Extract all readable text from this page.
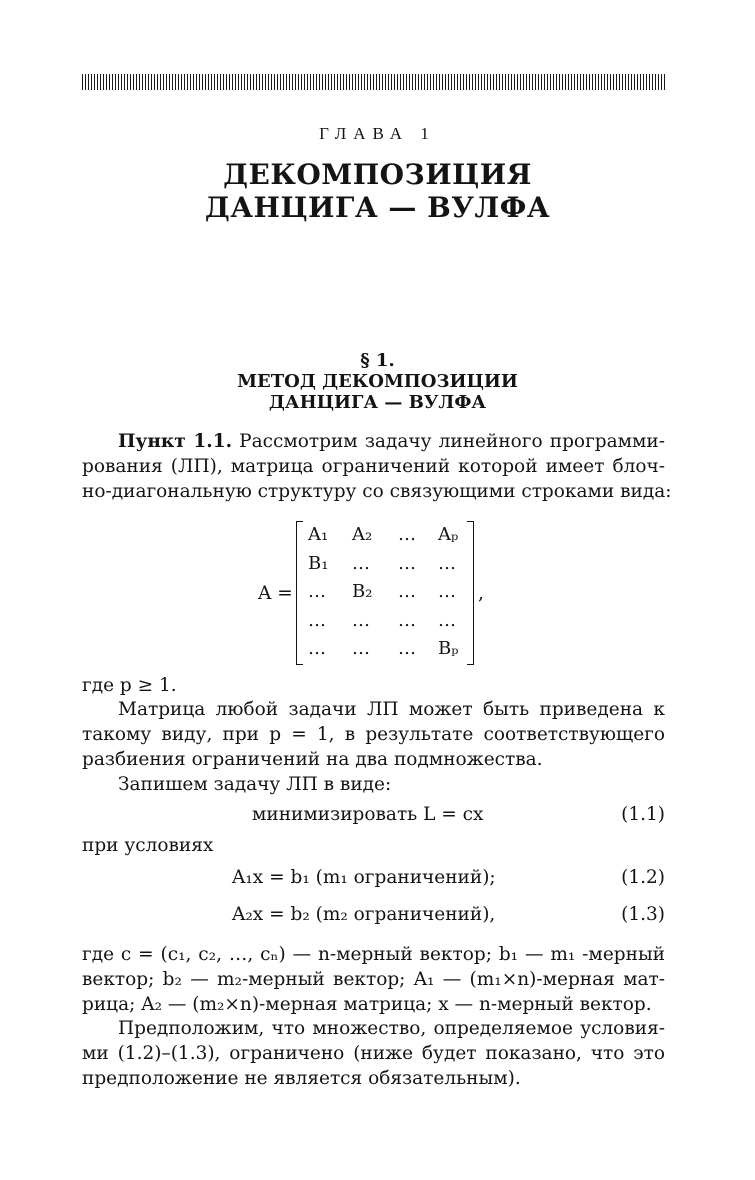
ГЛАВА 1
ДЕКОМПОЗИЦИЯ
ДАНЦИГА — ВУЛФА
§ 1.
МЕТОД ДЕКОМПОЗИЦИИ
ДАНЦИГА — ВУЛФА
Пункт 1.1. Рассмотрим задачу линейного программи-
рования (ЛП), матрица ограничений которой имеет блоч-
но-диагональную структуру со связующими строками вида:
A =
A₁	A₂	…	Aₚ
B₁	…	…	…
…	B₂	…	…
…	…	…	…
…	…	…	Bₚ
,
где p ≥ 1.
Матрица любой задачи ЛП может быть приведена к
такому виду, при p = 1, в результате соответствующего
разбиения ограничений на два подмножества.
Запишем задачу ЛП в виде:
минимизировать L = cx	(1.1)
при условиях
A₁x = b₁ (m₁ ограничений);	(1.2)
A₂x = b₂ (m₂ ограничений),	(1.3)
где c = (c₁, c₂, …, cₙ) — n-мерный вектор; b₁ — m₁ -мерный
вектор; b₂ — m₂-мерный вектор; A₁ — (m₁×n)-мерная мат-
рица; A₂ — (m₂×n)-мерная матрица; x — n-мерный вектор.
Предположим, что множество, определяемое условия-
ми (1.2)–(1.3), ограничено (ниже будет показано, что это
предположение не является обязательным).
